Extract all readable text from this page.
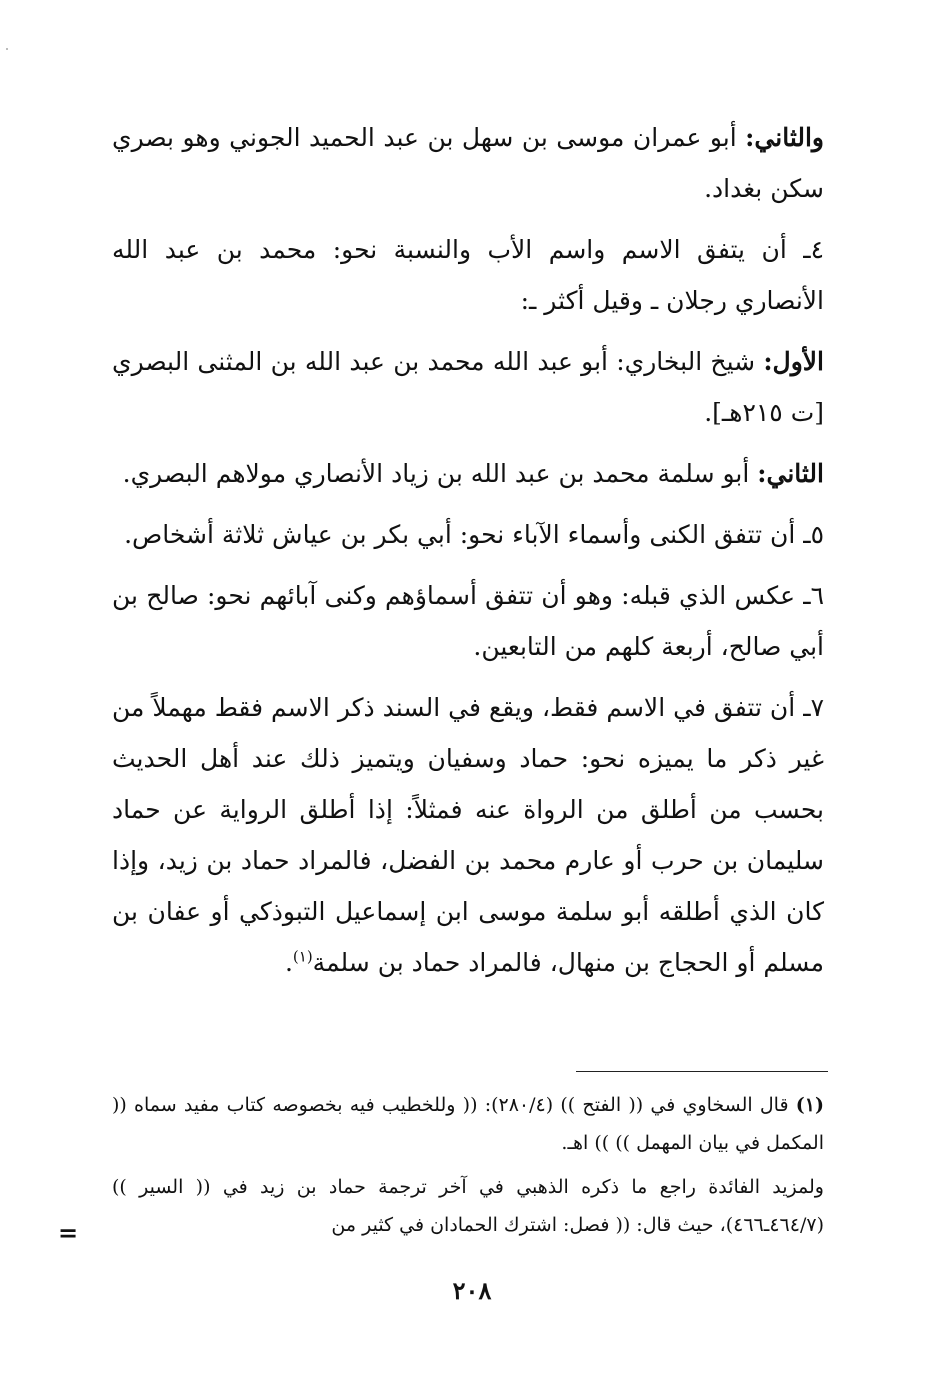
والثاني: أبو عمران موسى بن سهل بن عبد الحميد الجوني وهو بصري سكن بغداد.

٤ـ أن يتفق الاسم واسم الأب والنسبة نحو: محمد بن عبد الله الأنصاري رجلان ـ وقيل أكثر ـ:

الأول: شيخ البخاري: أبو عبد الله محمد بن عبد الله بن المثنى البصري [ت ٢١٥هـ].

الثاني: أبو سلمة محمد بن عبد الله بن زياد الأنصاري مولاهم البصري.

٥ـ أن تتفق الكنى وأسماء الآباء نحو: أبي بكر بن عياش ثلاثة أشخاص.

٦ـ عكس الذي قبله: وهو أن تتفق أسماؤهم وكنى آبائهم نحو: صالح بن أبي صالح، أربعة كلهم من التابعين.

٧ـ أن تتفق في الاسم فقط، ويقع في السند ذكر الاسم فقط مهملاً من غير ذكر ما يميزه نحو: حماد وسفيان ويتميز ذلك عند أهل الحديث بحسب من أطلق من الرواة عنه فمثلاً: إذا أطلق الرواية عن حماد سليمان بن حرب أو عارم محمد بن الفضل، فالمراد حماد بن زيد، وإذا كان الذي أطلقه أبو سلمة موسى ابن إسماعيل التبوذكي أو عفان بن مسلم أو الحجاج بن منهال، فالمراد حماد بن سلمة$^{(١)}$.

(١) قال السخاوي في (( الفتح )) (٢٨٠/٤): (( وللخطيب فيه بخصوصه كتاب مفيد سماه (( المكمل في بيان المهمل )) )) اهـ.

ولمزيد الفائدة راجع ما ذكره الذهبي في آخر ترجمة حماد بن زيد في (( السير )) (٤٦٤/٧ـ٤٦٦)، حيث قال: (( فصل: اشترك الحمادان في كثير من

=
٢٠٨
